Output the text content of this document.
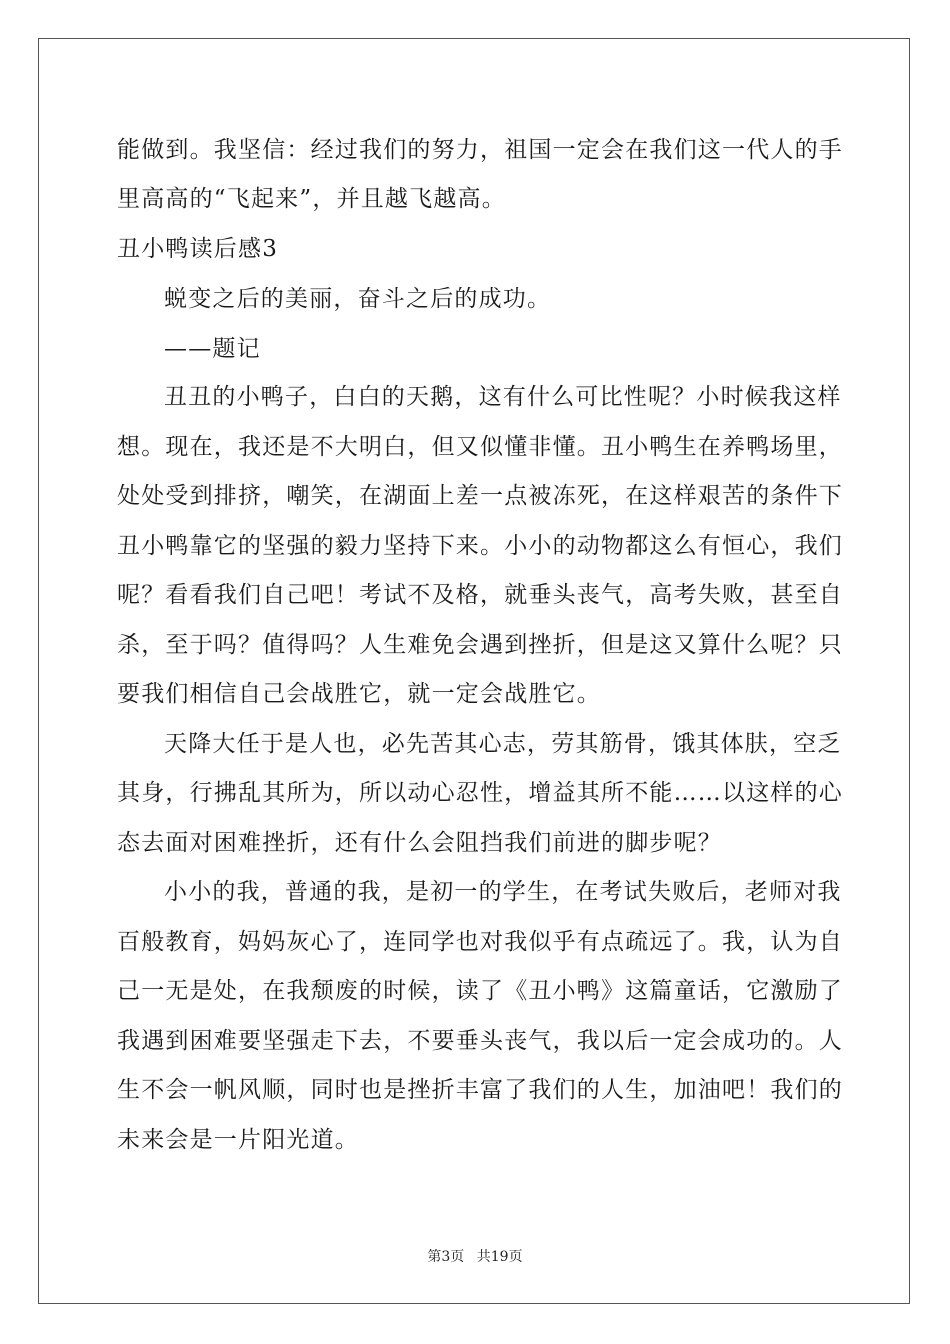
能做到。我坚信：经过我们的努力，祖国一定会在我们这一代人的手
里高高的“飞起来”，并且越飞越高。
丑小鸭读后感3
蜕变之后的美丽，奋斗之后的成功。
——题记
丑丑的小鸭子，白白的天鹅，这有什么可比性呢？小时候我这样
想。现在，我还是不大明白，但又似懂非懂。丑小鸭生在养鸭场里，
处处受到排挤，嘲笑，在湖面上差一点被冻死，在这样艰苦的条件下
丑小鸭靠它的坚强的毅力坚持下来。小小的动物都这么有恒心，我们
呢？看看我们自己吧！考试不及格，就垂头丧气，高考失败，甚至自
杀，至于吗？值得吗？人生难免会遇到挫折，但是这又算什么呢？只
要我们相信自己会战胜它，就一定会战胜它。
天降大任于是人也，必先苦其心志，劳其筋骨，饿其体肤，空乏
其身，行拂乱其所为，所以动心忍性，增益其所不能……以这样的心
态去面对困难挫折，还有什么会阻挡我们前进的脚步呢？
小小的我，普通的我，是初一的学生，在考试失败后，老师对我
百般教育，妈妈灰心了，连同学也对我似乎有点疏远了。我，认为自
己一无是处，在我颓废的时候，读了《丑小鸭》这篇童话，它激励了
我遇到困难要坚强走下去，不要垂头丧气，我以后一定会成功的。人
生不会一帆风顺，同时也是挫折丰富了我们的人生，加油吧！我们的
未来会是一片阳光道。
第3页 共19页
